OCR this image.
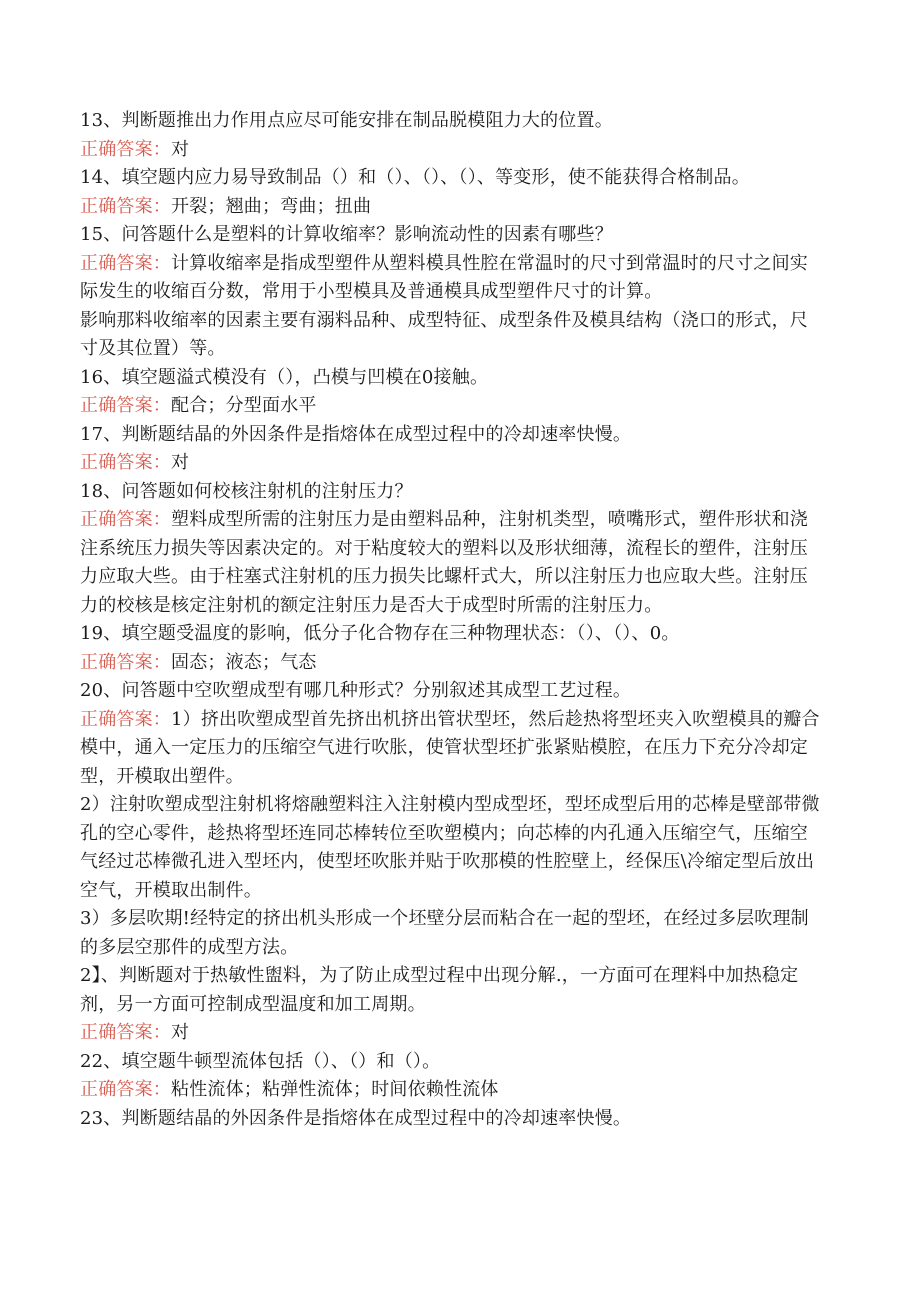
13、判断题推出力作用点应尽可能安排在制品脱模阻力大的位置。

正确答案：对

14、填空题内应力易导致制品（）和（）、（）、（）、等变形，使不能获得合格制品。

正确答案：开裂；翘曲；弯曲；扭曲

15、问答题什么是塑料的计算收缩率？影响流动性的因素有哪些？

正确答案：计算收缩率是指成型塑件从塑料模具性腔在常温时的尺寸到常温时的尺寸之间实际发生的收缩百分数，常用于小型模具及普通模具成型塑件尺寸的计算。

影响那料收缩率的因素主要有溺料品种、成型特征、成型条件及模具结构（浇口的形式，尺寸及其位置）等。

16、填空题溢式模没有（），凸模与凹模在0接触。

正确答案：配合；分型面水平

17、判断题结晶的外因条件是指熔体在成型过程中的冷却速率快慢。

正确答案：对

18、问答题如何校核注射机的注射压力？

正确答案：塑料成型所需的注射压力是由塑料品种，注射机类型，喷嘴形式，塑件形状和浇注系统压力损失等因素决定的。对于粘度较大的塑料以及形状细薄，流程长的塑件，注射压力应取大些。由于柱塞式注射机的压力损失比螺杆式大，所以注射压力也应取大些。注射压力的校核是核定注射机的额定注射压力是否大于成型时所需的注射压力。

19、填空题受温度的影响，低分子化合物存在三种物理状态：（）、（）、0。

正确答案：固态；液态；气态

20、问答题中空吹塑成型有哪几种形式？分别叙述其成型工艺过程。

正确答案：1）挤出吹塑成型首先挤出机挤出管状型坯，然后趁热将型坯夹入吹塑模具的瓣合模中，通入一定压力的压缩空气进行吹胀，使管状型坯扩张紧贴模腔，在压力下充分冷却定型，开模取出塑件。

2）注射吹塑成型注射机将熔融塑料注入注射模内型成型坯，型坯成型后用的芯棒是壁部带微孔的空心零件，趁热将型坯连同芯棒转位至吹塑模内；向芯棒的内孔通入压缩空气，压缩空气经过芯棒微孔进入型坯内，使型坯吹胀并贴于吹那模的性腔壁上，经保压\冷缩定型后放出空气，开模取出制件。

3）多层吹期!经特定的挤出机头形成一个坯壁分层而粘合在一起的型坯，在经过多层吹理制的多层空那件的成型方法。

2】、判断题对于热敏性盥料，为了防止成型过程中出现分解.，一方面可在理料中加热稳定剂，另一方面可控制成型温度和加工周期。

正确答案：对

22、填空题牛顿型流体包括（）、（）和（）。

正确答案：粘性流体；粘弹性流体；时间依赖性流体

23、判断题结晶的外因条件是指熔体在成型过程中的冷却速率快慢。
